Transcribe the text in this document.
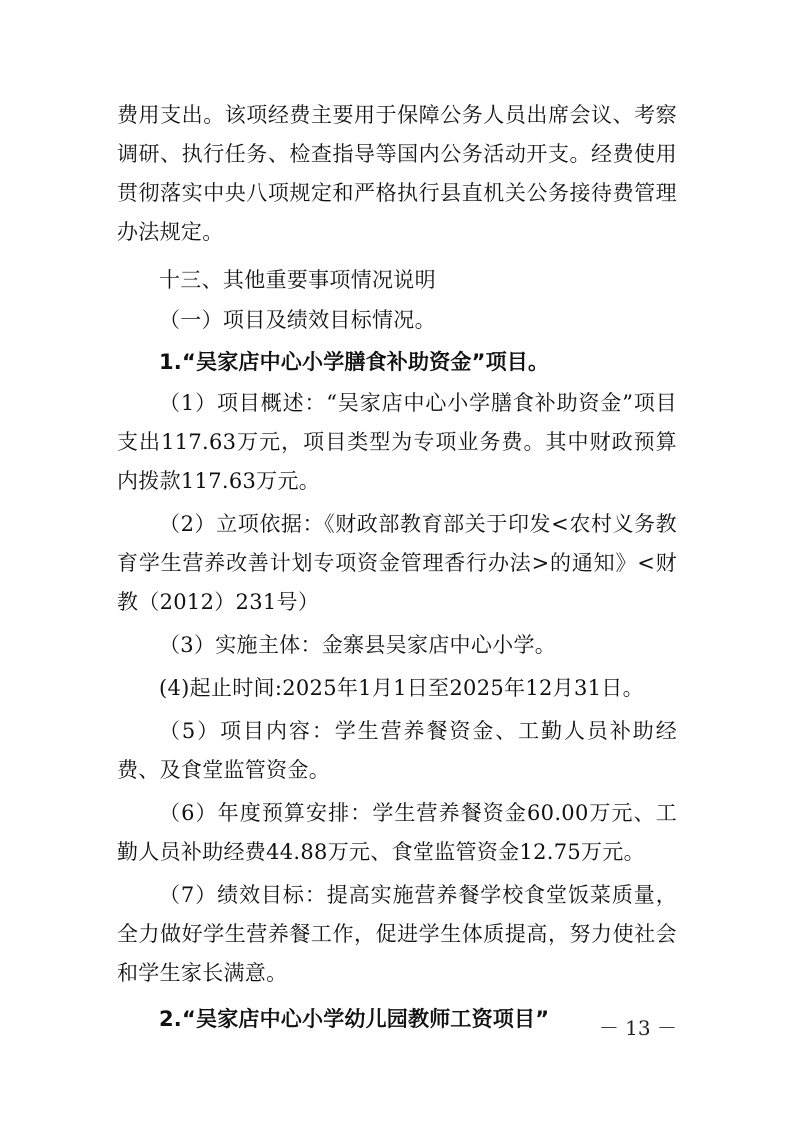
费用支出。该项经费主要用于保障公务人员出席会议、考察调研、执行任务、检查指导等国内公务活动开支。经费使用贯彻落实中央八项规定和严格执行县直机关公务接待费管理办法规定。

十三、其他重要事项情况说明

（一）项目及绩效目标情况。

1.“吴家店中心小学膳食补助资金”项目。

（1）项目概述：“吴家店中心小学膳食补助资金”项目支出117.63万元，项目类型为专项业务费。其中财政预算内拨款117.63万元。

（2）立项依据：《财政部教育部关于印发<农村义务教育学生营养改善计划专项资金管理香行办法>的通知》<财教（2012）231号）

（3）实施主体：金寨县吴家店中心小学。

(4)起止时间:2025年1月1日至2025年12月31日。

（5）项目内容：学生营养餐资金、工勤人员补助经费、及食堂监管资金。

（6）年度预算安排：学生营养餐资金60.00万元、工勤人员补助经费44.88万元、食堂监管资金12.75万元。

（7）绩效目标：提高实施营养餐学校食堂饭菜质量，全力做好学生营养餐工作，促进学生体质提高，努力使社会和学生家长满意。

2.“吴家店中心小学幼儿园教师工资项目”	－ 13 －
